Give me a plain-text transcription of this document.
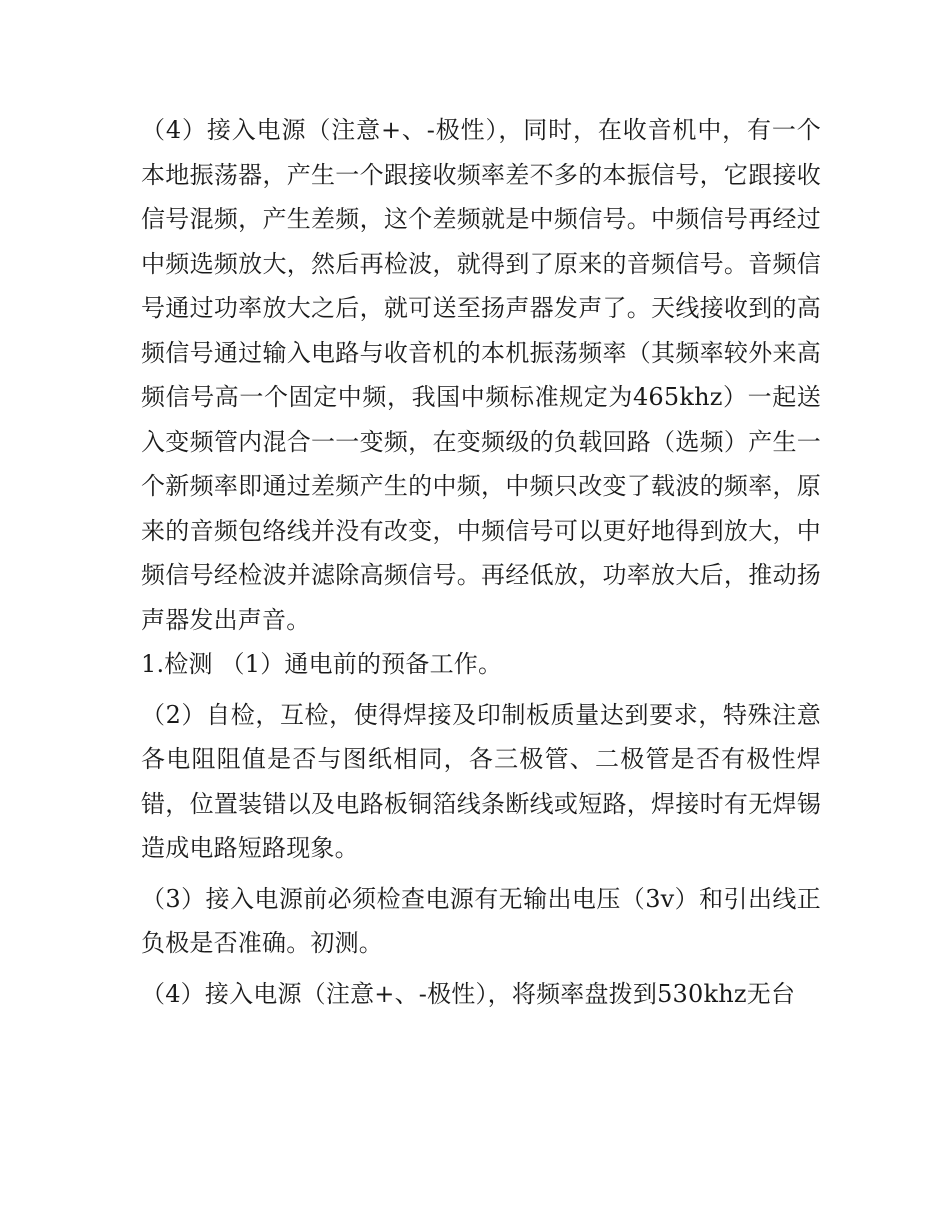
（4）接入电源（注意+、-极性），同时，在收音机中，有一个本地振荡器，产生一个跟接收频率差不多的本振信号，它跟接收信号混频，产生差频，这个差频就是中频信号。中频信号再经过中频选频放大，然后再检波，就得到了原来的音频信号。音频信号通过功率放大之后，就可送至扬声器发声了。天线接收到的高频信号通过输入电路与收音机的本机振荡频率（其频率较外来高频信号高一个固定中频，我国中频标准规定为465khz）一起送入变频管内混合一一变频，在变频级的负载回路（选频）产生一个新频率即通过差频产生的中频，中频只改变了载波的频率，原来的音频包络线并没有改变，中频信号可以更好地得到放大，中频信号经检波并滤除高频信号。再经低放，功率放大后，推动扬声器发出声音。

1.检测 （1）通电前的预备工作。

（2）自检，互检，使得焊接及印制板质量达到要求，特殊注意各电阻阻值是否与图纸相同，各三极管、二极管是否有极性焊错，位置装错以及电路板铜箔线条断线或短路，焊接时有无焊锡造成电路短路现象。

（3）接入电源前必须检查电源有无输出电压（3v）和引出线正负极是否准确。初测。

（4）接入电源（注意+、-极性），将频率盘拨到530khz无台
